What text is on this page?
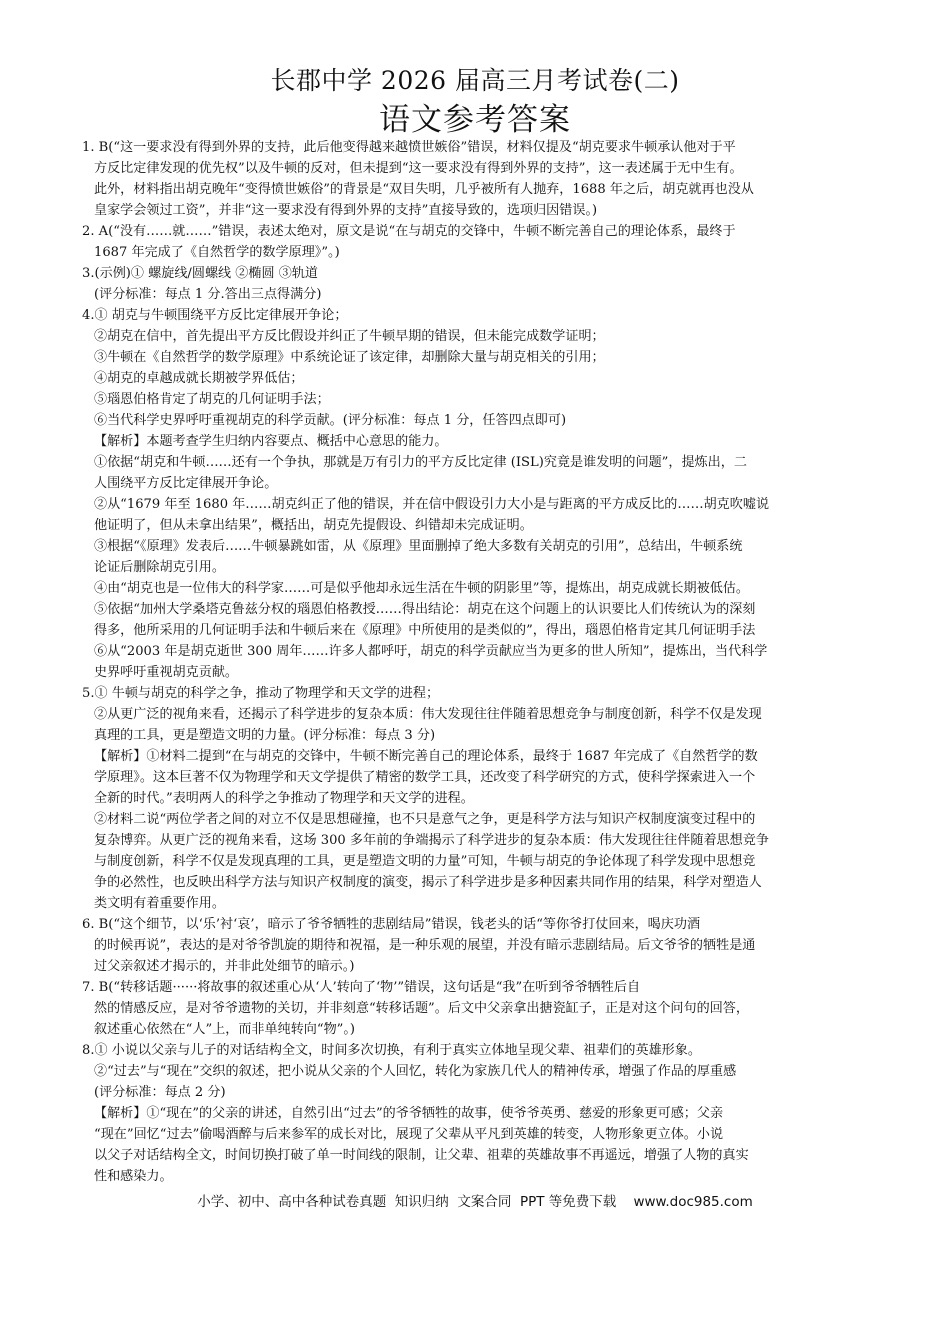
长郡中学 2026 届高三月考试卷(二)
语文参考答案
1. B(“这一要求没有得到外界的支持，此后他变得越来越愤世嫉俗”错误，材料仅提及“胡克要求牛顿承认他对于平
方反比定律发现的优先权”以及牛顿的反对，但未提到“这一要求没有得到外界的支持”，这一表述属于无中生有。
此外，材料指出胡克晚年“变得愤世嫉俗”的背景是“双目失明，几乎被所有人抛弃，1688 年之后，胡克就再也没从
皇家学会领过工资”，并非“这一要求没有得到外界的支持”直接导致的，选项归因错误。)
2. A(“没有……就……”错误，表述太绝对，原文是说“在与胡克的交锋中，牛顿不断完善自己的理论体系，最终于
1687 年完成了《自然哲学的数学原理》”。)
3.(示例)① 螺旋线/圆螺线 ②椭圆 ③轨道
(评分标准：每点 1 分.答出三点得满分)
4.① 胡克与牛顿围绕平方反比定律展开争论；
②胡克在信中，首先提出平方反比假设并纠正了牛顿早期的错误，但未能完成数学证明；
③牛顿在《自然哲学的数学原理》中系统论证了该定律，却删除大量与胡克相关的引用；
④胡克的卓越成就长期被学界低估；
⑤瑙恩伯格肯定了胡克的几何证明手法；
⑥当代科学史界呼吁重视胡克的科学贡献。(评分标准：每点 1 分，任答四点即可)
【解析】本题考查学生归纳内容要点、概括中心意思的能力。
①依据“胡克和牛顿……还有一个争执，那就是万有引力的平方反比定律 (ISL)究竟是谁发明的问题”，提炼出，二
人围绕平方反比定律展开争论。
②从“1679 年至 1680 年……胡克纠正了他的错误，并在信中假设引力大小是与距离的平方成反比的……胡克吹嘘说
他证明了，但从未拿出结果”，概括出，胡克先提假设、纠错却未完成证明。
③根据“《原理》发表后……牛顿暴跳如雷，从《原理》里面删掉了绝大多数有关胡克的引用”，总结出，牛顿系统
论证后删除胡克引用。
④由“胡克也是一位伟大的科学家……可是似乎他却永远生活在牛顿的阴影里”等，提炼出，胡克成就长期被低估。
⑤依据“加州大学桑塔克鲁兹分权的瑙恩伯格教授……得出结论：胡克在这个问题上的认识要比人们传统认为的深刻
得多，他所采用的几何证明手法和牛顿后来在《原理》中所使用的是类似的”，得出，瑙恩伯格肯定其几何证明手法
⑥从“2003 年是胡克逝世 300 周年……许多人都呼吁，胡克的科学贡献应当为更多的世人所知”，提炼出，当代科学
史界呼吁重视胡克贡献。
5.① 牛顿与胡克的科学之争，推动了物理学和天文学的进程；
②从更广泛的视角来看，还揭示了科学进步的复杂本质：伟大发现往往伴随着思想竞争与制度创新，科学不仅是发现
真理的工具，更是塑造文明的力量。(评分标准：每点 3 分)
【解析】①材料二提到“在与胡克的交锋中，牛顿不断完善自己的理论体系，最终于 1687 年完成了《自然哲学的数
学原理》。这本巨著不仅为物理学和天文学提供了精密的数学工具，还改变了科学研究的方式，使科学探索进入一个
全新的时代。”表明两人的科学之争推动了物理学和天文学的进程。
②材料二说“两位学者之间的对立不仅是思想碰撞，也不只是意气之争，更是科学方法与知识产权制度演变过程中的
复杂博弈。从更广泛的视角来看，这场 300 多年前的争端揭示了科学进步的复杂本质：伟大发现往往伴随着思想竞争
与制度创新，科学不仅是发现真理的工具，更是塑造文明的力量”可知，牛顿与胡克的争论体现了科学发现中思想竞
争的必然性，也反映出科学方法与知识产权制度的演变，揭示了科学进步是多种因素共同作用的结果，科学对塑造人
类文明有着重要作用。
6. B(“这个细节，以‘乐’衬‘哀’，暗示了爷爷牺牲的悲剧结局”错误，钱老头的话“等你爷打仗回来，喝庆功酒
的时候再说”，表达的是对爷爷凯旋的期待和祝福，是一种乐观的展望，并没有暗示悲剧结局。后文爷爷的牺牲是通
过父亲叙述才揭示的，并非此处细节的暗示。)
7. B(“转移话题······将故事的叙述重心从‘人’转向了‘物’”错误，这句话是“我”在听到爷爷牺牲后自
然的情感反应，是对爷爷遗物的关切，并非刻意“转移话题”。后文中父亲拿出搪瓷缸子，正是对这个问句的回答，
叙述重心依然在“人”上，而非单纯转向“物”。)
8.① 小说以父亲与儿子的对话结构全文，时间多次切换，有利于真实立体地呈现父辈、祖辈们的英雄形象。
②“过去”与“现在”交织的叙述，把小说从父亲的个人回忆，转化为家族几代人的精神传承，增强了作品的厚重感
(评分标准：每点 2 分)
【解析】①“现在”的父亲的讲述，自然引出“过去”的爷爷牺牲的故事，使爷爷英勇、慈爱的形象更可感；父亲
“现在”回忆“过去”偷喝酒醉与后来参军的成长对比，展现了父辈从平凡到英雄的转变，人物形象更立体。小说
以父子对话结构全文，时间切换打破了单一时间线的限制，让父辈、祖辈的英雄故事不再遥远，增强了人物的真实
性和感染力。
小学、初中、高中各种试卷真题  知识归纳  文案合同  PPT 等免费下载    www.doc985.com
